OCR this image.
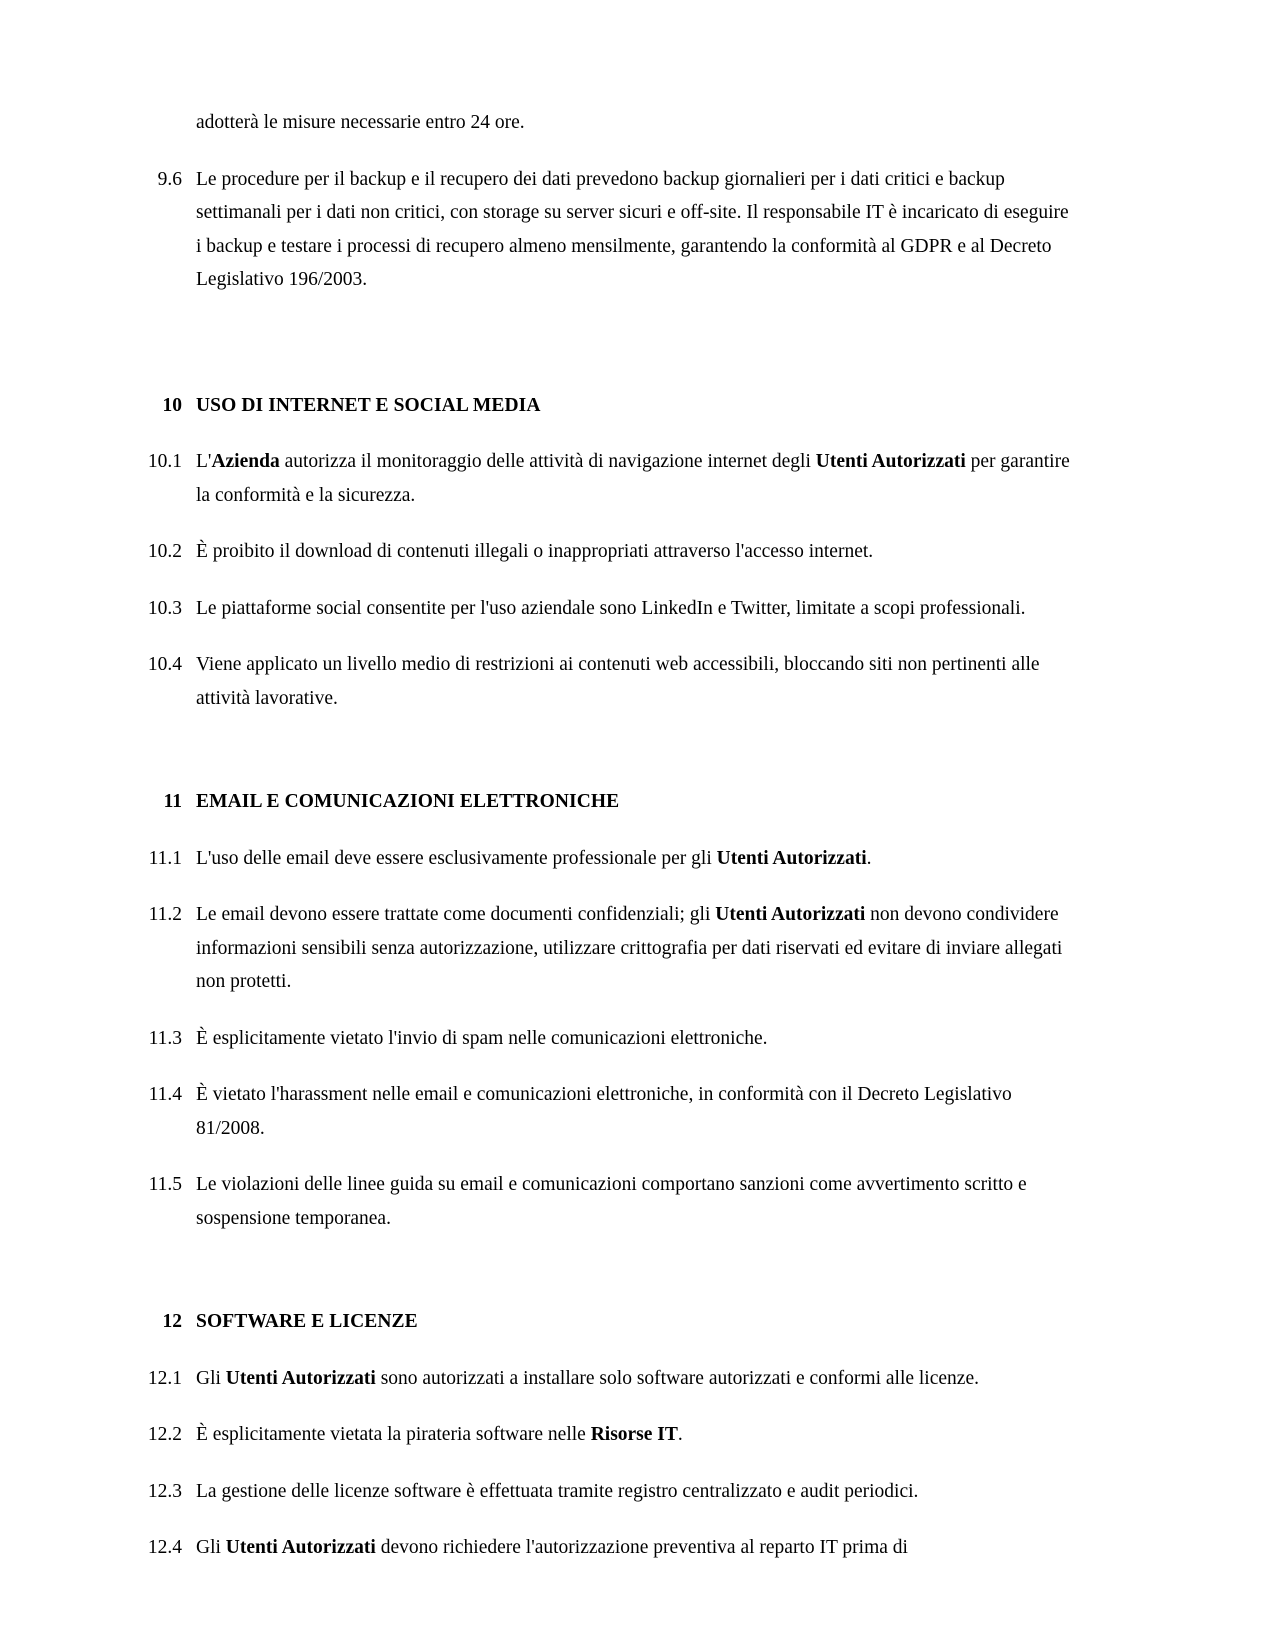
adotterà le misure necessarie entro 24 ore.

9.6 Le procedure per il backup e il recupero dei dati prevedono backup giornalieri per i dati critici e backup settimanali per i dati non critici, con storage su server sicuri e off-site. Il responsabile IT è incaricato di eseguire i backup e testare i processi di recupero almeno mensilmente, garantendo la conformità al GDPR e al Decreto Legislativo 196/2003.
10 USO DI INTERNET E SOCIAL MEDIA
10.1 L'Azienda autorizza il monitoraggio delle attività di navigazione internet degli Utenti Autorizzati per garantire la conformità e la sicurezza.
10.2 È proibito il download di contenuti illegali o inappropriati attraverso l'accesso internet.
10.3 Le piattaforme social consentite per l'uso aziendale sono LinkedIn e Twitter, limitate a scopi professionali.
10.4 Viene applicato un livello medio di restrizioni ai contenuti web accessibili, bloccando siti non pertinenti alle attività lavorative.
11 EMAIL E COMUNICAZIONI ELETTRONICHE
11.1 L'uso delle email deve essere esclusivamente professionale per gli Utenti Autorizzati.
11.2 Le email devono essere trattate come documenti confidenziali; gli Utenti Autorizzati non devono condividere informazioni sensibili senza autorizzazione, utilizzare crittografia per dati riservati ed evitare di inviare allegati non protetti.
11.3 È esplicitamente vietato l'invio di spam nelle comunicazioni elettroniche.
11.4 È vietato l'harassment nelle email e comunicazioni elettroniche, in conformità con il Decreto Legislativo 81/2008.
11.5 Le violazioni delle linee guida su email e comunicazioni comportano sanzioni come avvertimento scritto e sospensione temporanea.
12 SOFTWARE E LICENZE
12.1 Gli Utenti Autorizzati sono autorizzati a installare solo software autorizzati e conformi alle licenze.
12.2 È esplicitamente vietata la pirateria software nelle Risorse IT.
12.3 La gestione delle licenze software è effettuata tramite registro centralizzato e audit periodici.
12.4 Gli Utenti Autorizzati devono richiedere l'autorizzazione preventiva al reparto IT prima di
